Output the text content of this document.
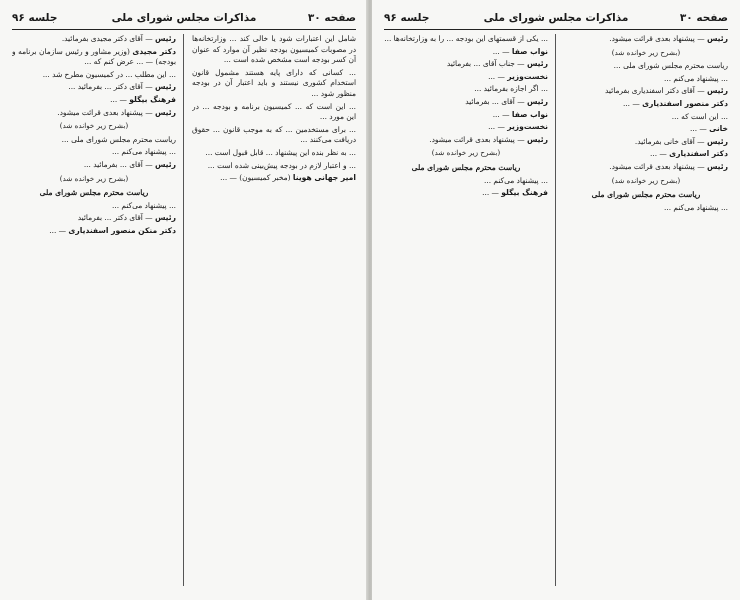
صفحه ۳۰
مذاکرات مجلس شورای ملی
جلسه ۹۶

شامل این اعتبارات شود یا خالی کند ... وزارتخانه‌ها در مصوبات کمیسیون بودجه نظیر آن موارد که عنوان آن کسر بودجه است مشخص شده است ...

... کسانی که دارای پایه هستند مشمول قانون استخدام کشوری نیستند و باید اعتبار آن در بودجه منظور شود ...

... این است که ... کمیسیون برنامه و بودجه ... در این مورد ...

... برای مستخدمین ... که به موجب قانون ... حقوق دریافت می‌کنند ...

... به نظر بنده این پیشنهاد ... قابل قبول است ...

... و اعتبار لازم در بودجه پیش‌بینی شده است ...

امیر جهانی هوینا (مخبر کمیسیون) — ...

رئیس — آقای دکتر مجیدی بفرمائید.

دکتر مجیدی (وزیر مشاور و رئیس سازمان برنامه و بودجه) — ... عرض کنم که ...

... این مطلب ... در کمیسیون مطرح شد ...

رئیس — آقای دکتر ... بفرمائید ...

فرهنگ بیگلو — ...

رئیس — پیشنهاد بعدی قرائت میشود.

(بشرح زیر خوانده شد)

ریاست محترم مجلس شورای ملی ...

... پیشنهاد می‌کنم ...

رئیس — آقای ... بفرمائید ...

(بشرح زیر خوانده شد)

ریاست محترم مجلس شورای ملی

... پیشنهاد می‌کنم ...

رئیس — آقای دکتر ... بفرمائید

دکتر منکن منصور اسفندیاری — ...

صفحه ۳۰
مذاکرات مجلس شورای ملی
جلسه ۹۶

رئیس — پیشنهاد بعدی قرائت میشود.

(بشرح زیر خوانده شد)

ریاست محترم مجلس شورای ملی ...

... پیشنهاد می‌کنم ...

رئیس — آقای دکتر اسفندیاری بفرمائید

دکتر منصور اسفندیاری — ...

... این است که ...

خانی — ...

رئیس — آقای خانی بفرمائید.

دکتر اسفندیاری — ...

رئیس — پیشنهاد بعدی قرائت میشود.

(بشرح زیر خوانده شد)

ریاست محترم مجلس شورای ملی

... پیشنهاد می‌کنم ...

... یکی از قسمتهای این بودجه ... را به وزارتخانه‌ها ...

نواب صفا — ...

رئیس — جناب آقای ... بفرمائید

نخست‌وزیر — ...

... اگر اجازه بفرمائید ...

رئیس — آقای ... بفرمائید

نواب صفا — ...

نخست‌وزیر — ...

رئیس — پیشنهاد بعدی قرائت میشود.

(بشرح زیر خوانده شد)

ریاست محترم مجلس شورای ملی

... پیشنهاد می‌کنم ...

فرهنگ بیگلو — ...
